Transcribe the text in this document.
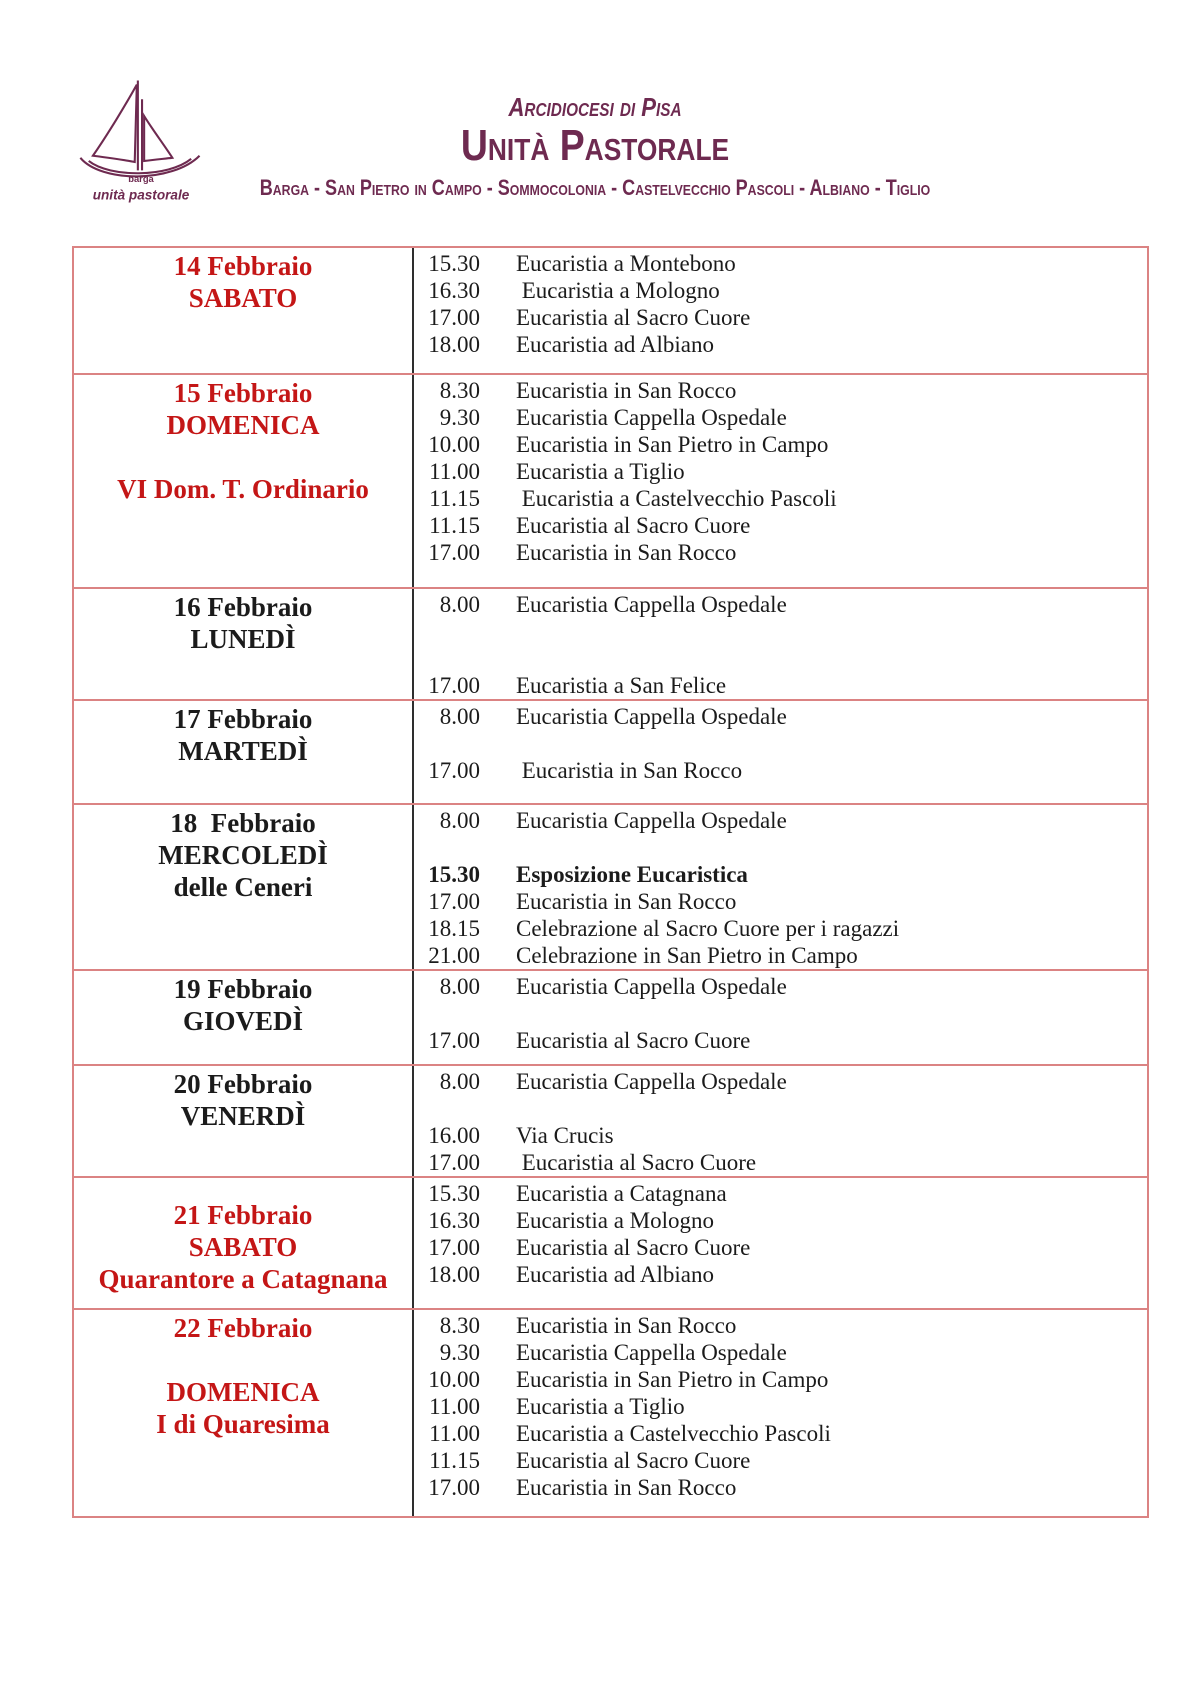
barga
unità pastorale
Arcidiocesi di Pisa
Unità Pastorale
Barga - San Pietro in Campo - Sommocolonia - Castelvecchio Pascoli - Albiano - Tiglio
14 Febbraio
SABATO
15.30 Eucaristia a Montebono
16.30 Eucaristia a Mologno
17.00 Eucaristia al Sacro Cuore
18.00 Eucaristia ad Albiano
15 Febbraio
DOMENICA
VI Dom. T. Ordinario
8.30 Eucaristia in San Rocco
9.30 Eucaristia Cappella Ospedale
10.00 Eucaristia in San Pietro in Campo
11.00 Eucaristia a Tiglio
11.15 Eucaristia a Castelvecchio Pascoli
11.15 Eucaristia al Sacro Cuore
17.00 Eucaristia in San Rocco
16 Febbraio
LUNEDÌ
8.00 Eucaristia Cappella Ospedale
17.00 Eucaristia a San Felice
17 Febbraio
MARTEDÌ
8.00 Eucaristia Cappella Ospedale
17.00 Eucaristia in San Rocco
18  Febbraio
MERCOLEDÌ
delle Ceneri
8.00 Eucaristia Cappella Ospedale
15.30 Esposizione Eucaristica
17.00 Eucaristia in San Rocco
18.15 Celebrazione al Sacro Cuore per i ragazzi
21.00 Celebrazione in San Pietro in Campo
19 Febbraio
GIOVEDÌ
8.00 Eucaristia Cappella Ospedale
17.00 Eucaristia al Sacro Cuore
20 Febbraio
VENERDÌ
8.00 Eucaristia Cappella Ospedale
16.00 Via Crucis
17.00 Eucaristia al Sacro Cuore
21 Febbraio
SABATO
Quarantore a Catagnana
15.30 Eucaristia a Catagnana
16.30 Eucaristia a Mologno
17.00 Eucaristia al Sacro Cuore
18.00 Eucaristia ad Albiano
22 Febbraio
DOMENICA
I di Quaresima
8.30 Eucaristia in San Rocco
9.30 Eucaristia Cappella Ospedale
10.00 Eucaristia in San Pietro in Campo
11.00 Eucaristia a Tiglio
11.00 Eucaristia a Castelvecchio Pascoli
11.15 Eucaristia al Sacro Cuore
17.00 Eucaristia in San Rocco
